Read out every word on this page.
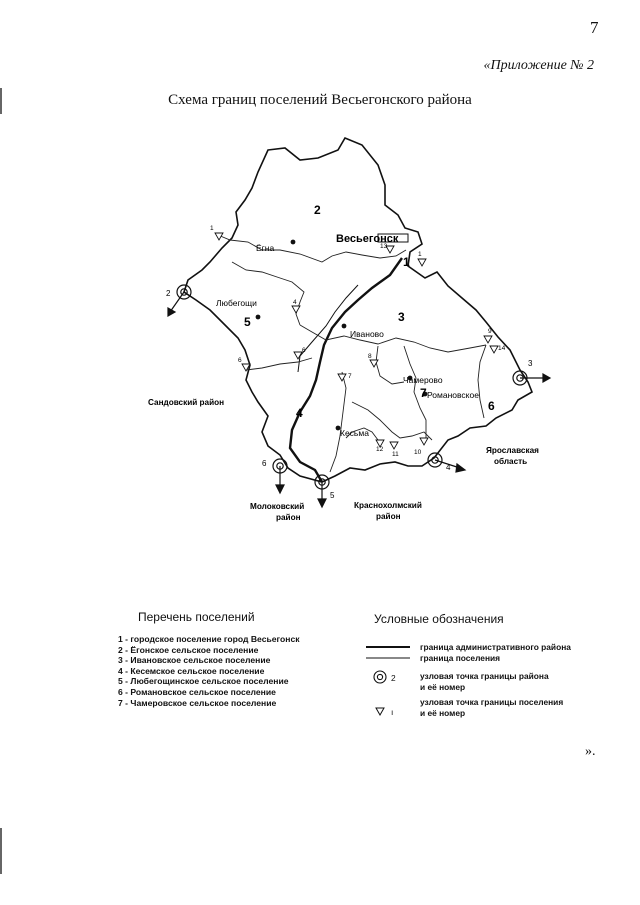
7
«Приложение № 2
Схема границ поселений Весьегонского района
Ёгна
Весьегонск
Любегощи
Иваново
Чамерово
Романовское
Кесьма
Сандовский район
Молоковский
район
Краснохолмский
район
Ярославская
область
1
2
3
4
5
6
7
2
3
4
5
6
1
1
4
6
6
7
8
9
10
11
12
13
14
Перечень поселений
1 - городское поселение город Весьегонск
2 - Ёгонское сельское поселение
3 - Ивановское сельское поселение
4 - Кесемское сельское поселение
5 - Любегощинское сельское поселение
6 - Романовское сельское поселение
7 - Чамеровское сельское поселение
Условные обозначения
2
ı
граница административного района
граница поселения
узловая точка границы района
и её номер
узловая точка границы поселения
и её номер
».
